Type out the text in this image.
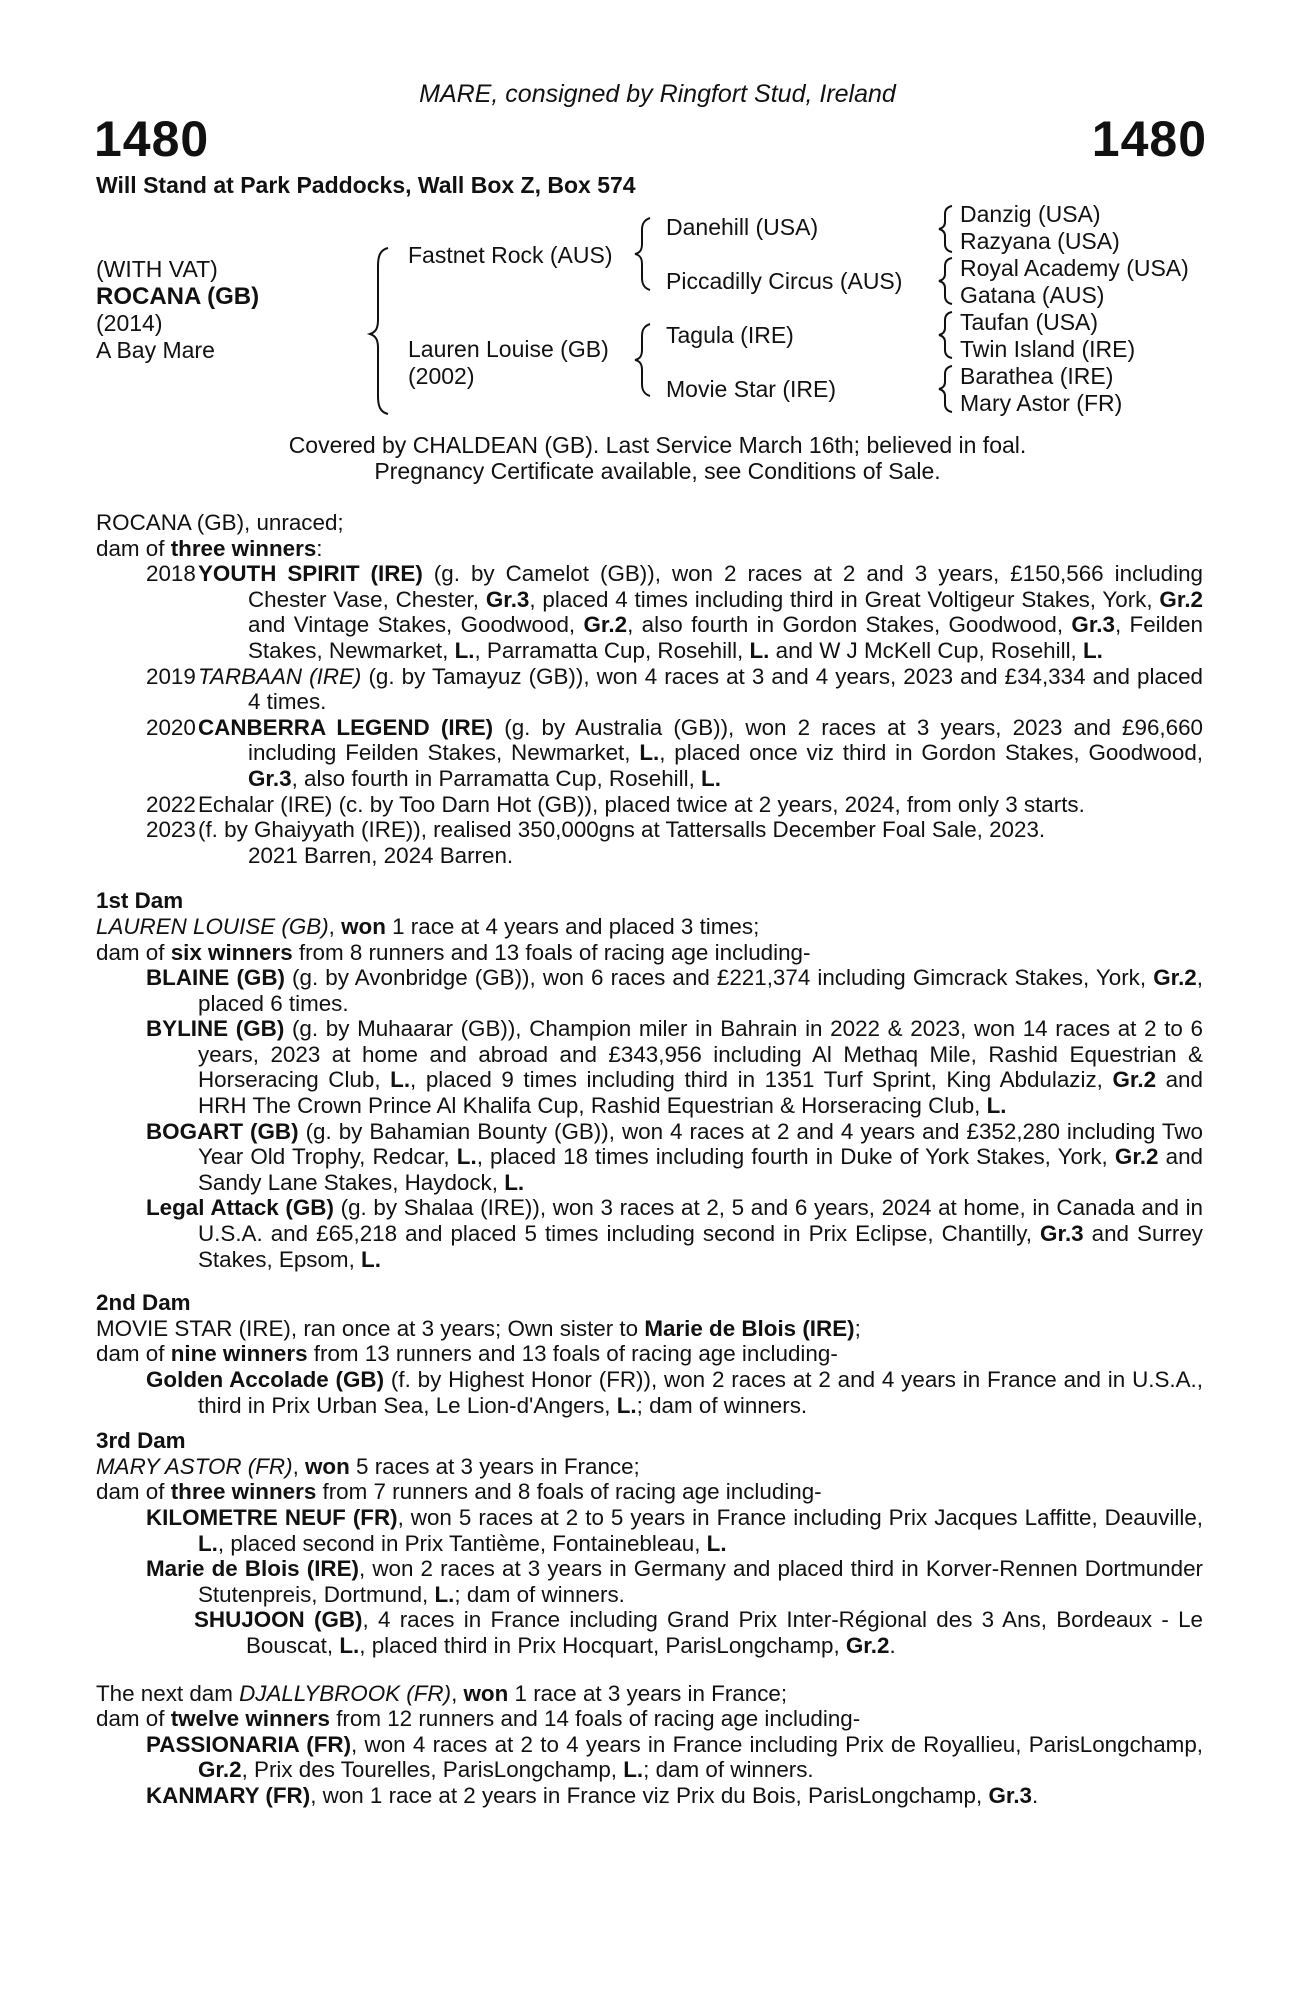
1480	1480
MARE, consigned by Ringfort Stud, Ireland
Will Stand at Park Paddocks, Wall Box Z, Box 574
(WITH VAT)
ROCANA (GB)
(2014)
A Bay Mare
Fastnet Rock (AUS)
Lauren Louise (GB)
(2002)
Danehill (USA)
Piccadilly Circus (AUS)
Tagula (IRE)
Movie Star (IRE)
Danzig (USA)
Razyana (USA)
Royal Academy (USA)
Gatana (AUS)
Taufan (USA)
Twin Island (IRE)
Barathea (IRE)
Mary Astor (FR)
Covered by CHALDEAN (GB). Last Service March 16th; believed in foal.
Pregnancy Certificate available, see Conditions of Sale.

ROCANA (GB), unraced;

dam of three winners:

2018 YOUTH SPIRIT (IRE) (g. by Camelot (GB)), won 2 races at 2 and 3 years, £150,566 including Chester Vase, Chester, Gr.3, placed 4 times including third in Great Voltigeur Stakes, York, Gr.2 and Vintage Stakes, Goodwood, Gr.2, also fourth in Gordon Stakes, Goodwood, Gr.3, Feilden Stakes, Newmarket, L., Parramatta Cup, Rosehill, L. and W J McKell Cup, Rosehill, L.
2019 TARBAAN (IRE) (g. by Tamayuz (GB)), won 4 races at 3 and 4 years, 2023 and £34,334 and placed 4 times.
2020 CANBERRA LEGEND (IRE) (g. by Australia (GB)), won 2 races at 3 years, 2023 and £96,660 including Feilden Stakes, Newmarket, L., placed once viz third in Gordon Stakes, Goodwood, Gr.3, also fourth in Parramatta Cup, Rosehill, L.
2022 Echalar (IRE) (c. by Too Darn Hot (GB)), placed twice at 2 years, 2024, from only 3 starts.
2023 (f. by Ghaiyyath (IRE)), realised 350,000gns at Tattersalls December Foal Sale, 2023.
2021 Barren, 2024 Barren.
1st Dam

LAUREN LOUISE (GB), won 1 race at 4 years and placed 3 times;

dam of six winners from 8 runners and 13 foals of racing age including-

BLAINE (GB) (g. by Avonbridge (GB)), won 6 races and £221,374 including Gimcrack Stakes, York, Gr.2, placed 6 times.

BYLINE (GB) (g. by Muhaarar (GB)), Champion miler in Bahrain in 2022 & 2023, won 14 races at 2 to 6 years, 2023 at home and abroad and £343,956 including Al Methaq Mile, Rashid Equestrian & Horseracing Club, L., placed 9 times including third in 1351 Turf Sprint, King Abdulaziz, Gr.2 and HRH The Crown Prince Al Khalifa Cup, Rashid Equestrian & Horseracing Club, L.

BOGART (GB) (g. by Bahamian Bounty (GB)), won 4 races at 2 and 4 years and £352,280 including Two Year Old Trophy, Redcar, L., placed 18 times including fourth in Duke of York Stakes, York, Gr.2 and Sandy Lane Stakes, Haydock, L.

Legal Attack (GB) (g. by Shalaa (IRE)), won 3 races at 2, 5 and 6 years, 2024 at home, in Canada and in U.S.A. and £65,218 and placed 5 times including second in Prix Eclipse, Chantilly, Gr.3 and Surrey Stakes, Epsom, L.

2nd Dam

MOVIE STAR (IRE), ran once at 3 years; Own sister to Marie de Blois (IRE);

dam of nine winners from 13 runners and 13 foals of racing age including-

Golden Accolade (GB) (f. by Highest Honor (FR)), won 2 races at 2 and 4 years in France and in U.S.A., third in Prix Urban Sea, Le Lion-d'Angers, L.; dam of winners.

3rd Dam

MARY ASTOR (FR), won 5 races at 3 years in France;

dam of three winners from 7 runners and 8 foals of racing age including-

KILOMETRE NEUF (FR), won 5 races at 2 to 5 years in France including Prix Jacques Laffitte, Deauville, L., placed second in Prix Tantième, Fontainebleau, L.

Marie de Blois (IRE), won 2 races at 3 years in Germany and placed third in Korver-Rennen Dortmunder Stutenpreis, Dortmund, L.; dam of winners.

SHUJOON (GB), 4 races in France including Grand Prix Inter-Régional des 3 Ans, Bordeaux - Le Bouscat, L., placed third in Prix Hocquart, ParisLongchamp, Gr.2.

The next dam DJALLYBROOK (FR), won 1 race at 3 years in France;

dam of twelve winners from 12 runners and 14 foals of racing age including-

PASSIONARIA (FR), won 4 races at 2 to 4 years in France including Prix de Royallieu, ParisLongchamp, Gr.2, Prix des Tourelles, ParisLongchamp, L.; dam of winners.

KANMARY (FR), won 1 race at 2 years in France viz Prix du Bois, ParisLongchamp, Gr.3.
